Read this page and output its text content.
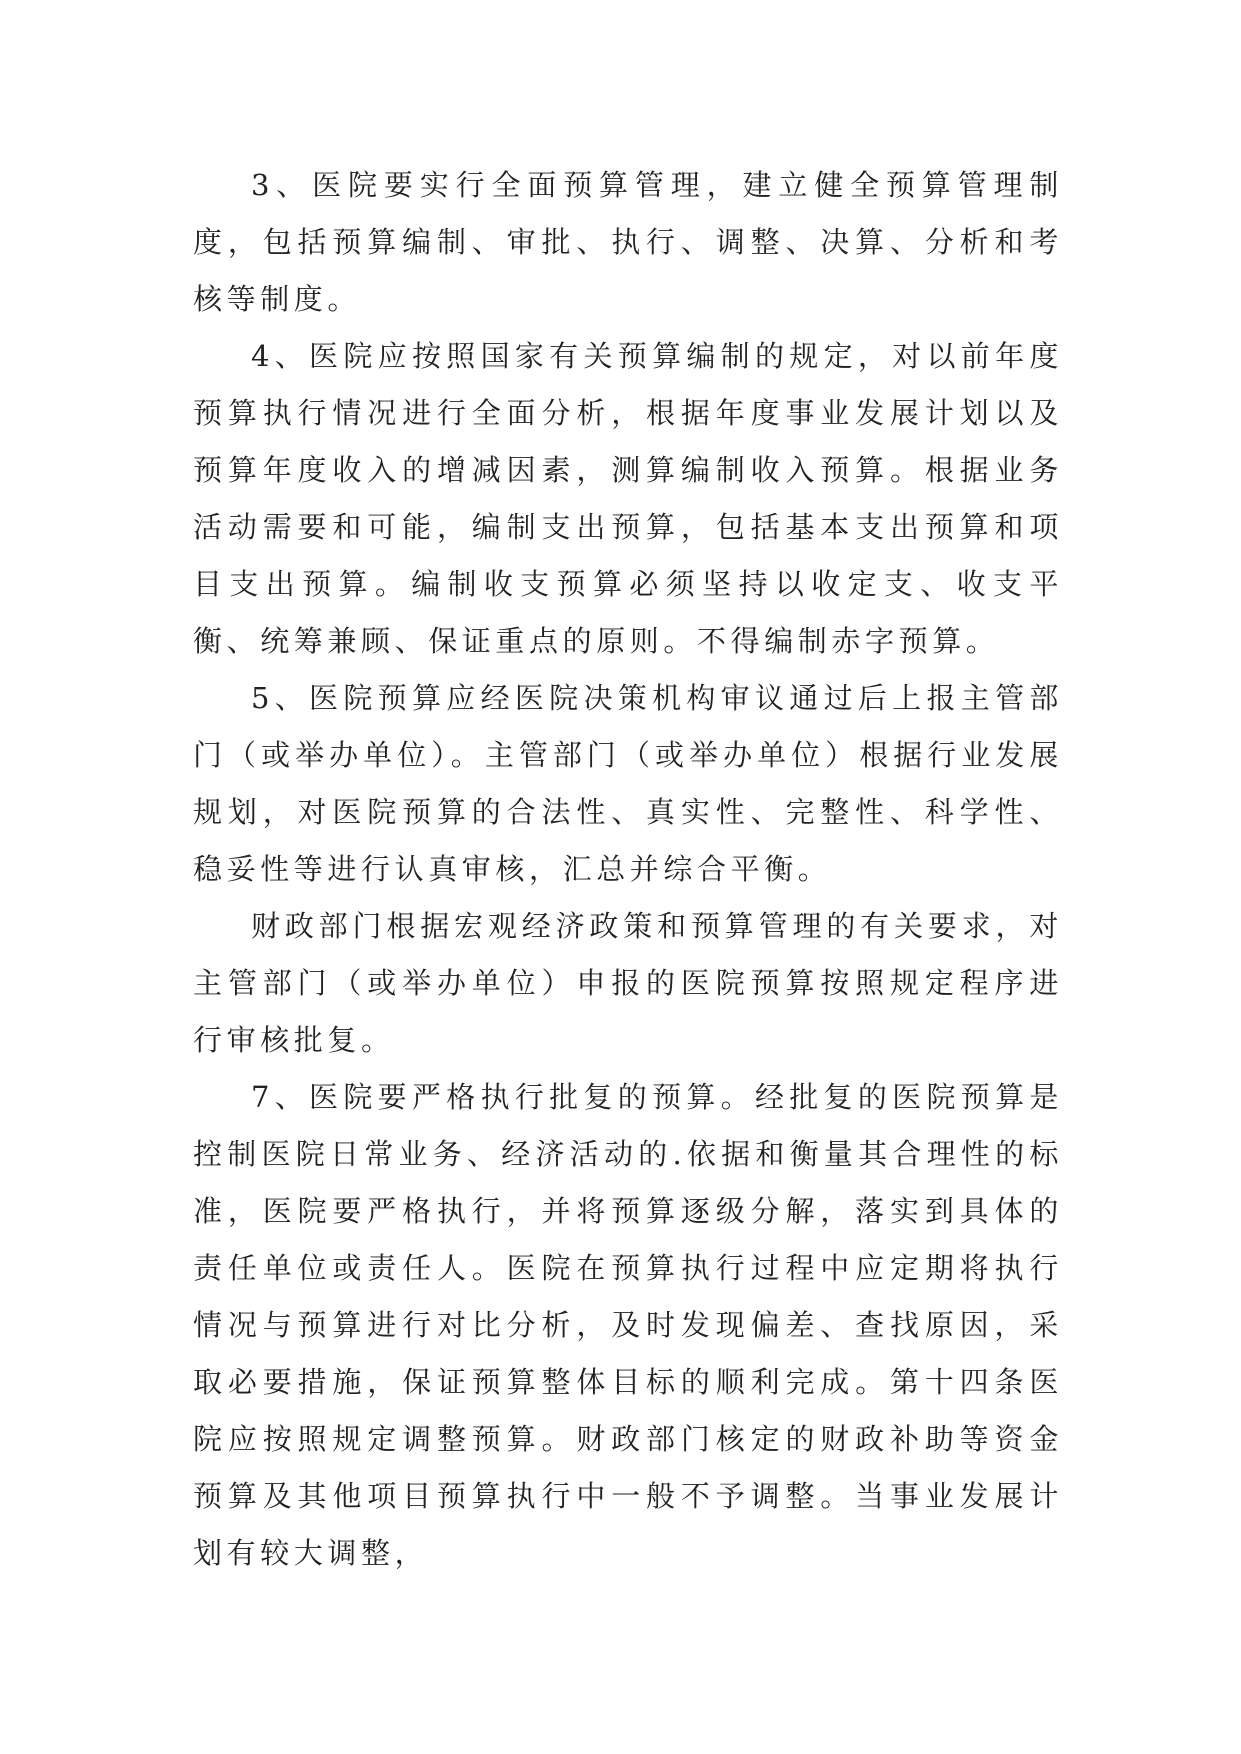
3、医院要实行全面预算管理，建立健全预算管理制度，包括预算编制、审批、执行、调整、决算、分析和考核等制度。

4、医院应按照国家有关预算编制的规定，对以前年度预算执行情况进行全面分析，根据年度事业发展计划以及预算年度收入的增减因素，测算编制收入预算。根据业务活动需要和可能，编制支出预算，包括基本支出预算和项目支出预算。编制收支预算必须坚持以收定支、收支平衡、统筹兼顾、保证重点的原则。不得编制赤字预算。

5、医院预算应经医院决策机构审议通过后上报主管部门（或举办单位）。主管部门（或举办单位）根据行业发展规划，对医院预算的合法性、真实性、完整性、科学性、稳妥性等进行认真审核，汇总并综合平衡。

财政部门根据宏观经济政策和预算管理的有关要求，对主管部门（或举办单位）申报的医院预算按照规定程序进行审核批复。

7、医院要严格执行批复的预算。经批复的医院预算是控制医院日常业务、经济活动的.依据和衡量其合理性的标准，医院要严格执行，并将预算逐级分解，落实到具体的责任单位或责任人。医院在预算执行过程中应定期将执行情况与预算进行对比分析，及时发现偏差、查找原因，采取必要措施，保证预算整体目标的顺利完成。第十四条医院应按照规定调整预算。财政部门核定的财政补助等资金预算及其他项目预算执行中一般不予调整。当事业发展计划有较大调整，
